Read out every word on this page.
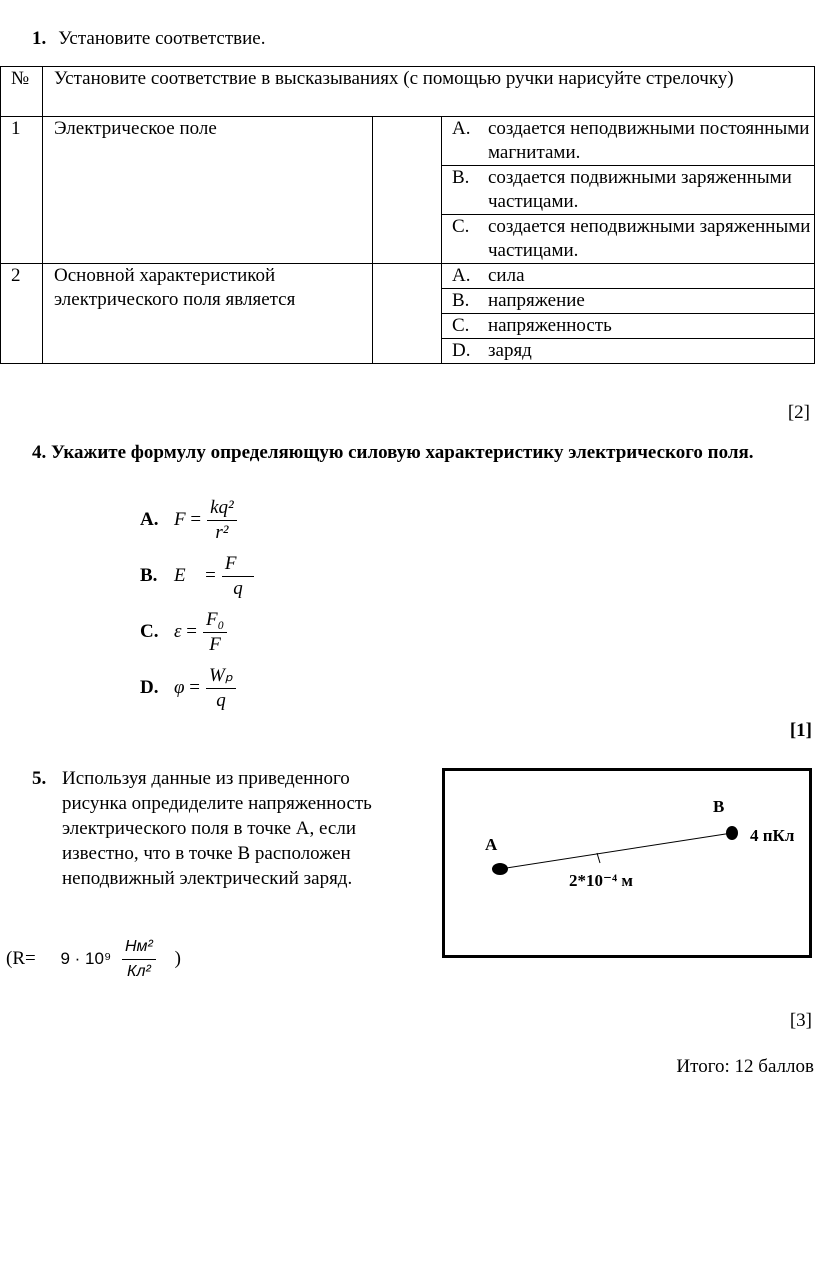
1. Установите соответствие.
№	Установите соответствие в высказываниях (с помощью ручки нарисуйте стрелочку)		
1	Электрическое поле		A. создается неподвижными постоянными магнитами.

			B. создается подвижными заряженными частицами.

			C. создается неподвижными заряженными частицами.

2	Основной характеристикой электрического поля является		A. сила

			B. напряжение

			C. напряженность

			D. заряд
[2]
4. Укажите формулу определяющую силовую характеристику электрического поля.
A. $F = \frac{\text{kq²}}{\text{r²}}$
B. E⃗ = $\frac{F⃗}{q}$
C. $\varepsilon = \frac{\text{F₀}}{F}$
D. $\varphi = \frac{\text{Wₚ}}{q}$
[1]
5. Используя данные из приведенного рисунка опредиделите напряженность электрического поля в точке А, если известно, что в точке В расположен неподвижный электрический заряд.
A
B
4 пКл
2*10⁻⁴ м
($R= 9 \cdot 10^9 \frac{\text{Нм²}}{\text{Кл²}}$ )
[3]
Итого: 12 баллов
